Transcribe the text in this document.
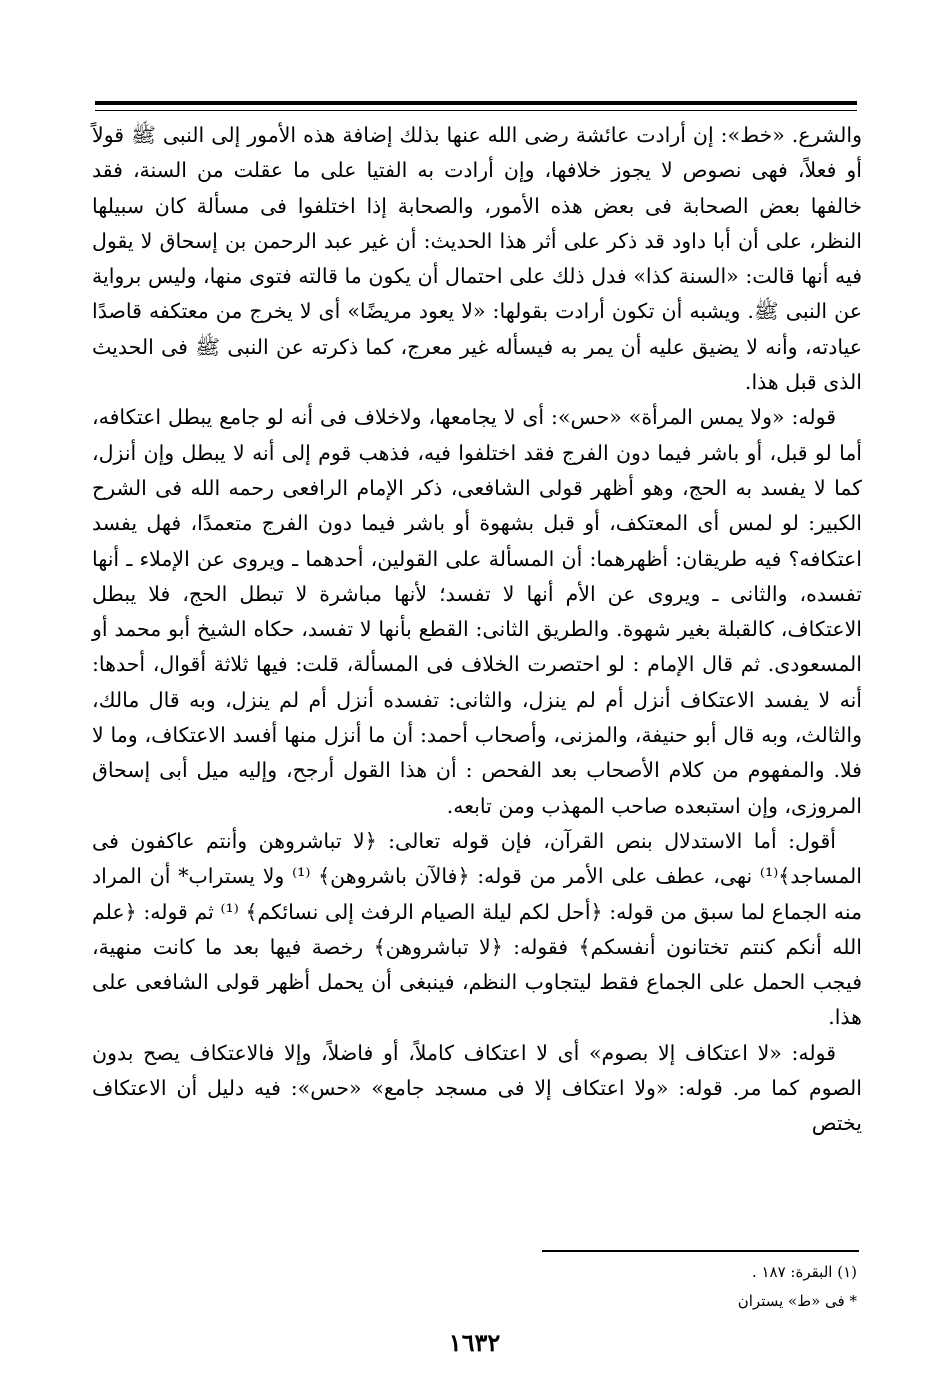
والشرع. «خط»: إن أرادت عائشة رضى الله عنها بذلك إضافة هذه الأمور إلى النبى ﷺ قولاً أو فعلاً، فهى نصوص لا يجوز خلافها، وإن أرادت به الفتيا على ما عقلت من السنة، فقد خالفها بعض الصحابة فى بعض هذه الأمور، والصحابة إذا اختلفوا فى مسألة كان سبيلها النظر، على أن أبا داود قد ذكر على أثر هذا الحديث: أن غير عبد الرحمن بن إسحاق لا يقول فيه أنها قالت: «السنة كذا» فدل ذلك على احتمال أن يكون ما قالته فتوى منها، وليس برواية عن النبى ﷺ. ويشبه أن تكون أرادت بقولها: «لا يعود مريضًا» أى لا يخرج من معتكفه قاصدًا عيادته، وأنه لا يضيق عليه أن يمر به فيسأله غير معرج، كما ذكرته عن النبى ﷺ فى الحديث الذى قبل هذا.

قوله: «ولا يمس المرأة» «حس»: أى لا يجامعها، ولاخلاف فى أنه لو جامع يبطل اعتكافه، أما لو قبل، أو باشر فيما دون الفرج فقد اختلفوا فيه، فذهب قوم إلى أنه لا يبطل وإن أنزل، كما لا يفسد به الحج، وهو أظهر قولى الشافعى، ذكر الإمام الرافعى رحمه الله فى الشرح الكبير: لو لمس أى المعتكف، أو قبل بشهوة أو باشر فيما دون الفرج متعمدًا، فهل يفسد اعتكافه؟ فيه طريقان: أظهرهما: أن المسألة على القولين، أحدهما ـ ويروى عن الإملاء ـ أنها تفسده، والثانى ـ ويروى عن الأم أنها لا تفسد؛ لأنها مباشرة لا تبطل الحج، فلا يبطل الاعتكاف، كالقبلة بغير شهوة. والطريق الثانى: القطع بأنها لا تفسد، حكاه الشيخ أبو محمد أو المسعودى. ثم قال الإمام : لو احتصرت الخلاف فى المسألة، قلت: فيها ثلاثة أقوال، أحدها: أنه لا يفسد الاعتكاف أنزل أم لم ينزل، والثانى: تفسده أنزل أم لم ينزل، وبه قال مالك، والثالث، وبه قال أبو حنيفة، والمزنى، وأصحاب أحمد: أن ما أنزل منها أفسد الاعتكاف، وما لا فلا. والمفهوم من كلام الأصحاب بعد الفحص : أن هذا القول أرجح، وإليه ميل أبى إسحاق المروزى، وإن استبعده صاحب المهذب ومن تابعه.

أقول: أما الاستدلال بنص القرآن، فإن قوله تعالى: ﴿لا تباشروهن وأنتم عاكفون فى المساجد﴾⁽¹⁾ نهى، عطف على الأمر من قوله: ﴿فالآن باشروهن﴾ ⁽¹⁾ ولا يستراب* أن المراد منه الجماع لما سبق من قوله: ﴿أحل لكم ليلة الصيام الرفث إلى نسائكم﴾ ⁽¹⁾ ثم قوله: ﴿علم الله أنكم كنتم تختانون أنفسكم﴾ فقوله: ﴿لا تباشروهن﴾ رخصة فيها بعد ما كانت منهية، فيجب الحمل على الجماع فقط ليتجاوب النظم، فينبغى أن يحمل أظهر قولى الشافعى على هذا.

قوله: «لا اعتكاف إلا بصوم» أى لا اعتكاف كاملاً، أو فاضلاً، وإلا فالاعتكاف يصح بدون الصوم كما مر. قوله: «ولا اعتكاف إلا فى مسجد جامع» «حس»: فيه دليل أن الاعتكاف يختص

(١) البقرة: ١٨٧ .
* فى «ط» يستران
١٦٣٢
